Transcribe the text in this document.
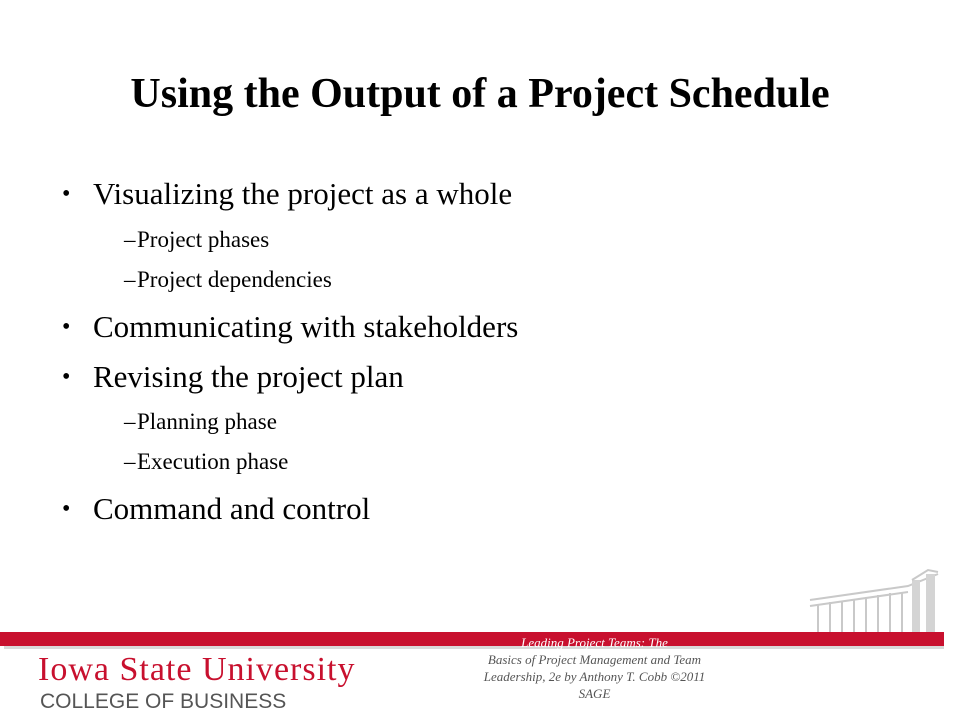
Using the Output of a Project Schedule
• Visualizing the project as a whole
– Project phases
– Project dependencies
• Communicating with stakeholders
• Revising the project plan
– Planning phase
– Execution phase
• Command and control
Iowa State University
COLLEGE OF BUSINESS
Leading Project Teams: The
Basics of Project Management and Team Leadership, 2e by Anthony T. Cobb ©2011 SAGE
